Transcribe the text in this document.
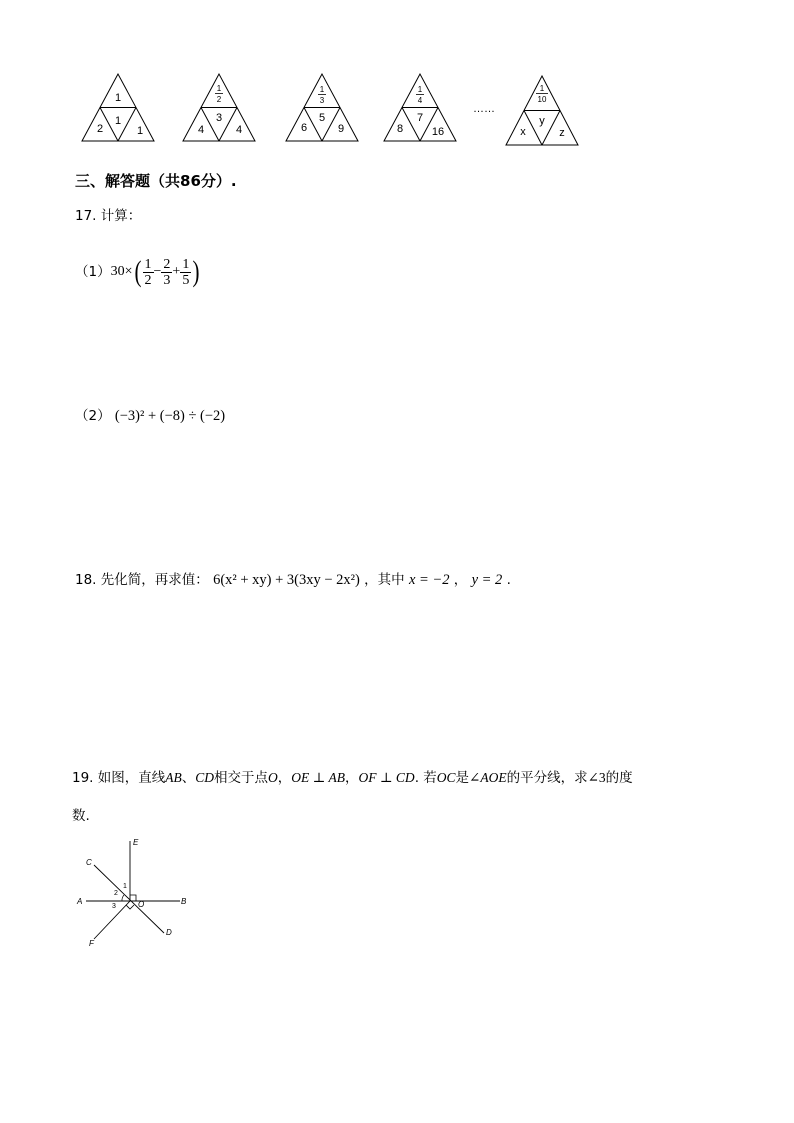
1
1
2	1
1
2
3
4	4
1
3
5
6	9
1
4
7
8	16
……
1
10
y
x	z
三、解答题（共86分）.
17. 计算：
（1） 30× ( $\frac{1}{2} - \frac{2}{3} + \frac{1}{5}$ )
（2） (−3)² + (−8) ÷ (−2)
18. 先化简，再求值： 6(x² + xy) + 3(3xy − 2x²) ，其中 x = −2 ， y = 2 .
19. 如图，直线AB、CD相交于点O，OE ⊥ AB，OF ⊥ CD. 若OC是∠AOE的平分线，求∠3的度
数.
E
C
A	B
F
D
O
1
2
3
